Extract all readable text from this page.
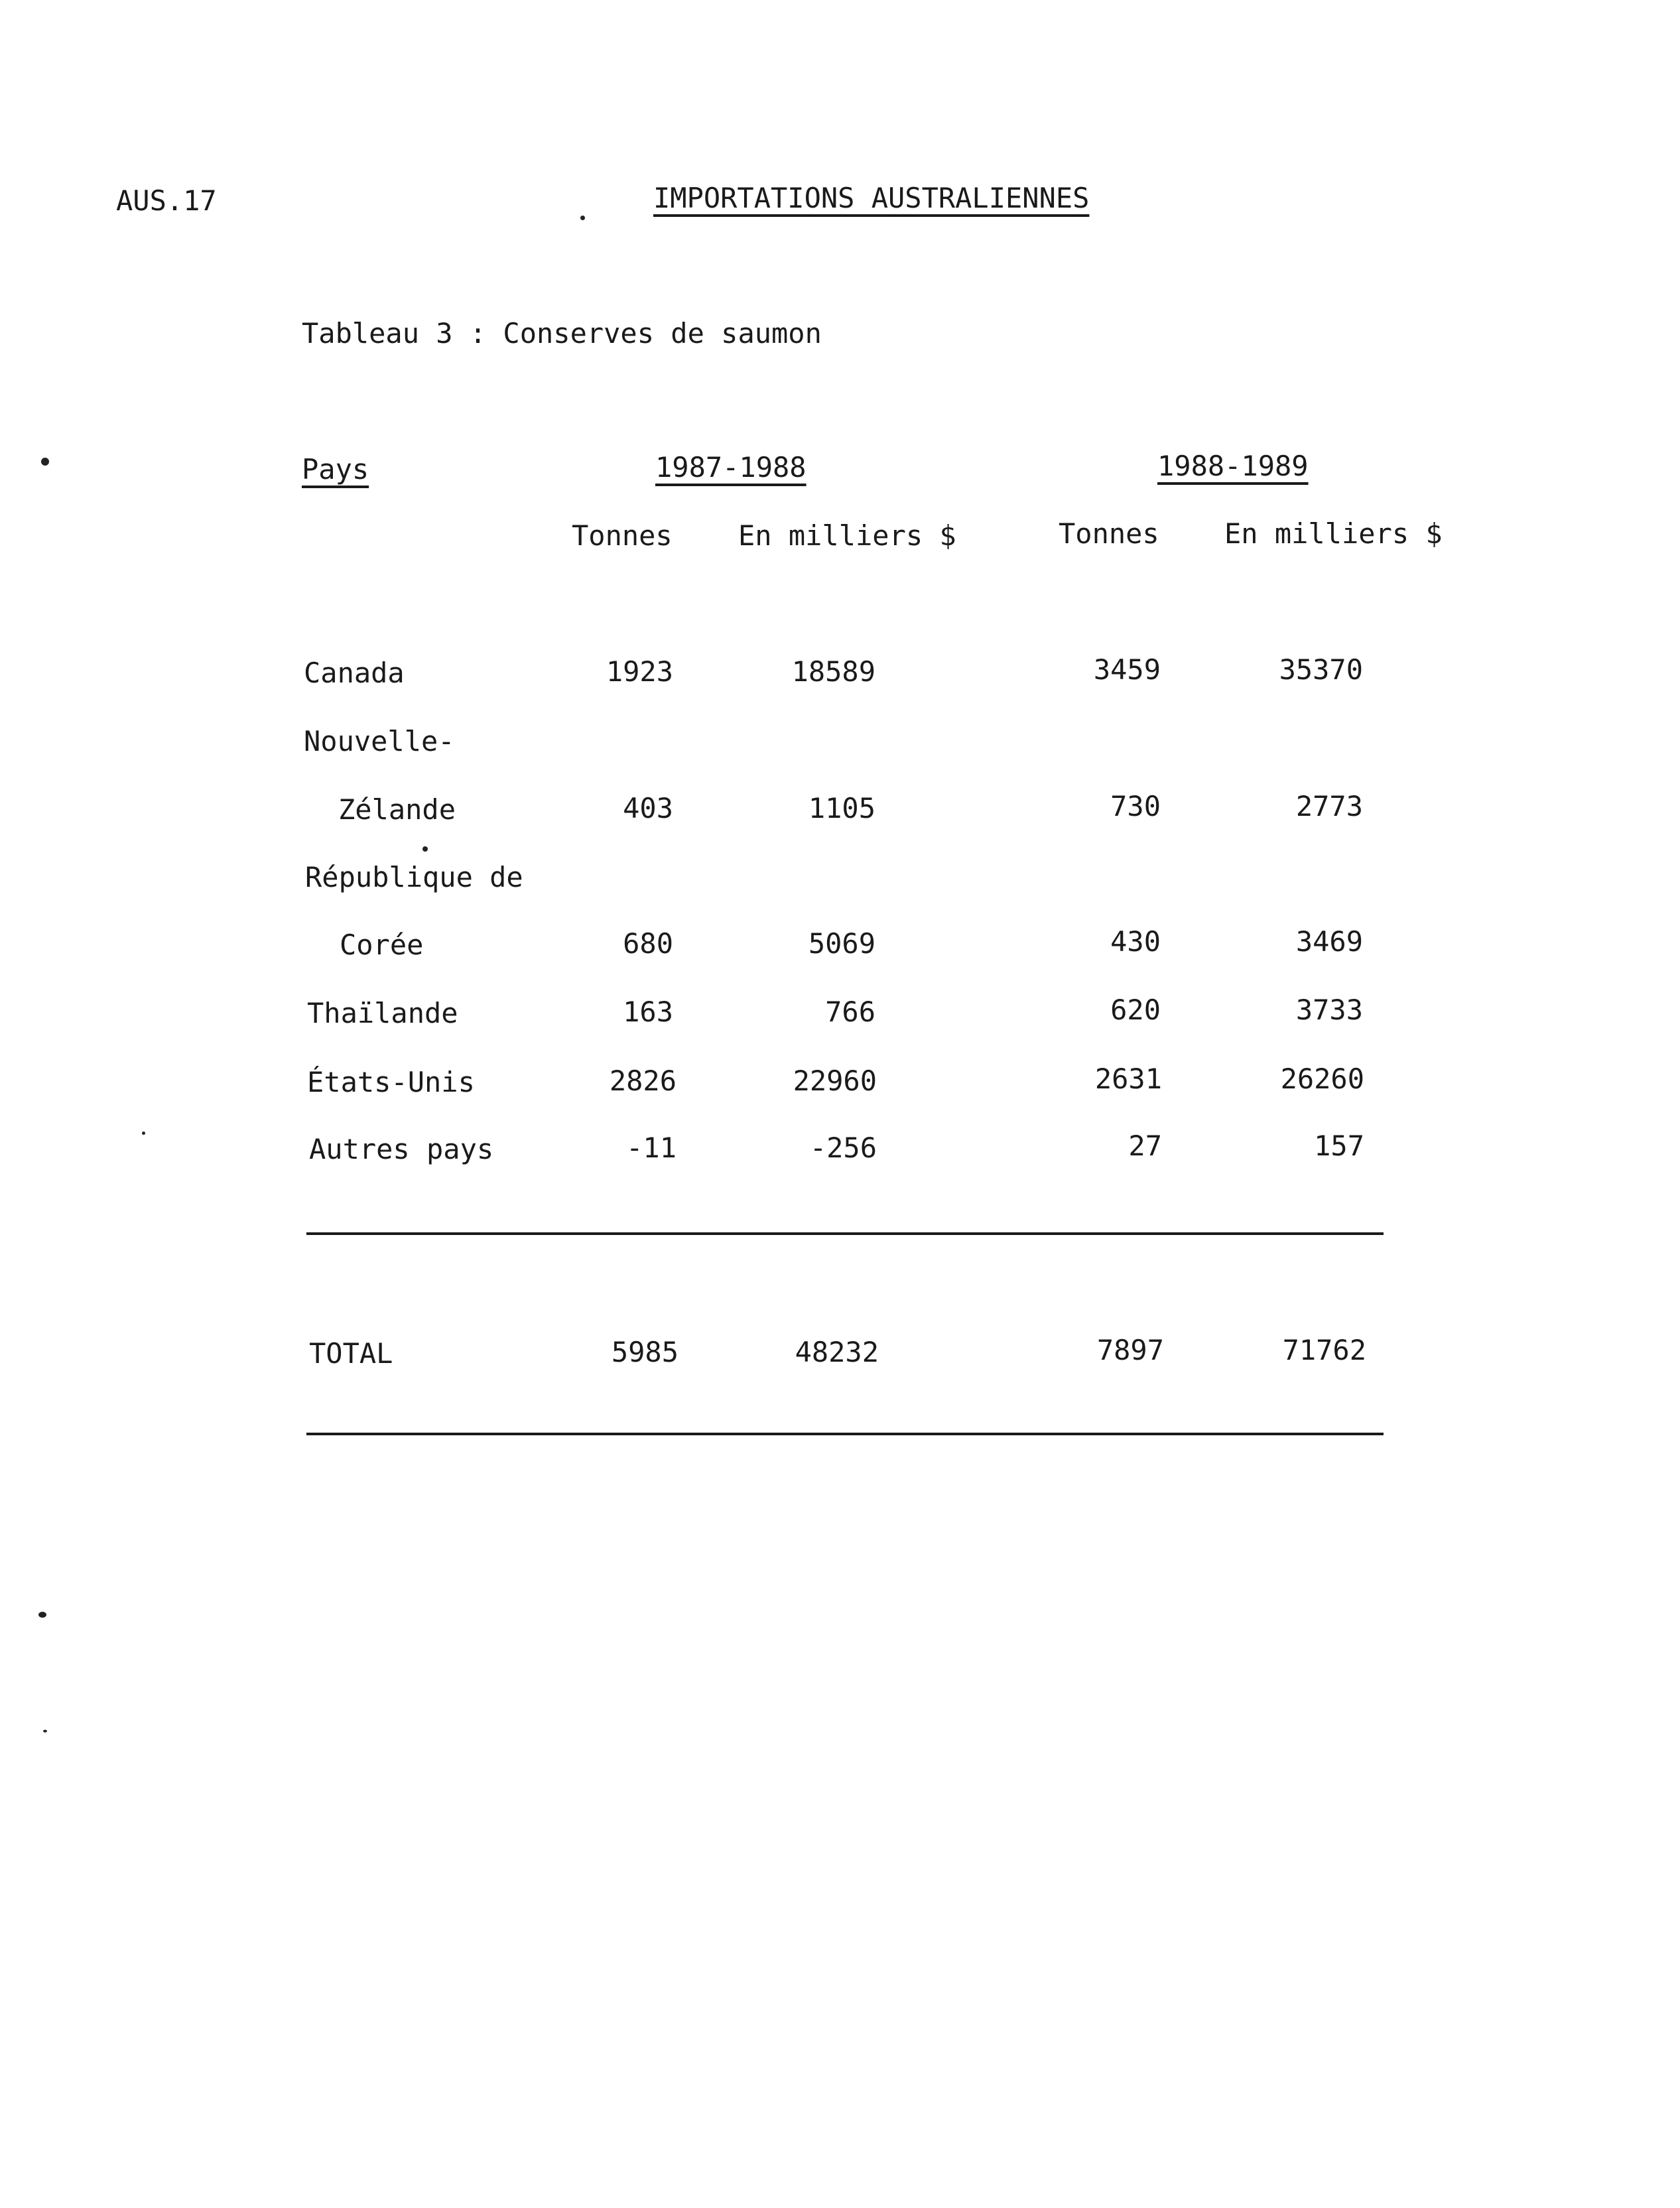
AUS.17	IMPORTATIONS AUSTRALIENNES
Tableau 3 : Conserves de saumon
Pays	1987-1988	1988-1989
Tonnes En milliers $	Tonnes En milliers $
Canada	1923	18589	3459	35370
Nouvelle-
Zélande	403	1105	730	2773
République de
Corée	680	5069	430	3469
Thaïlande	163	766	620	3733
États-Unis	2826	22960	2631	26260
Autres pays	-11	-256	27	157
TOTAL	5985	48232	7897	71762
